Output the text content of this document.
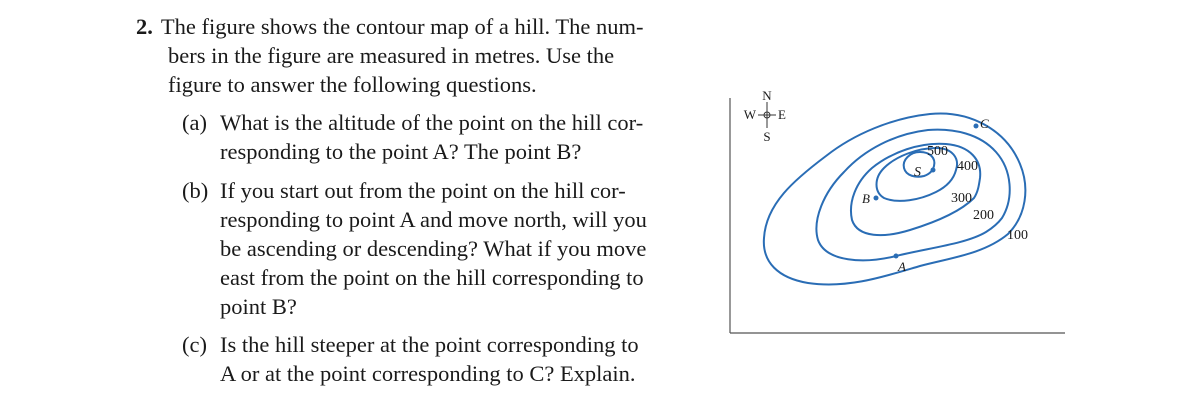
2. The figure shows the contour map of a hill. The num-
bers in the figure are measured in metres. Use the
figure to answer the following questions.
(a) What is the altitude of the point on the hill cor-
responding to the point A? The point B?
(b) If you start out from the point on the hill cor-
responding to point A and move north, will you
be ascending or descending? What if you move
east from the point on the hill corresponding to
point B?
(c) Is the hill steeper at the point corresponding to
A or at the point corresponding to C? Explain.
N
S
W E
500
400
300
200
100
S
B
A
C
